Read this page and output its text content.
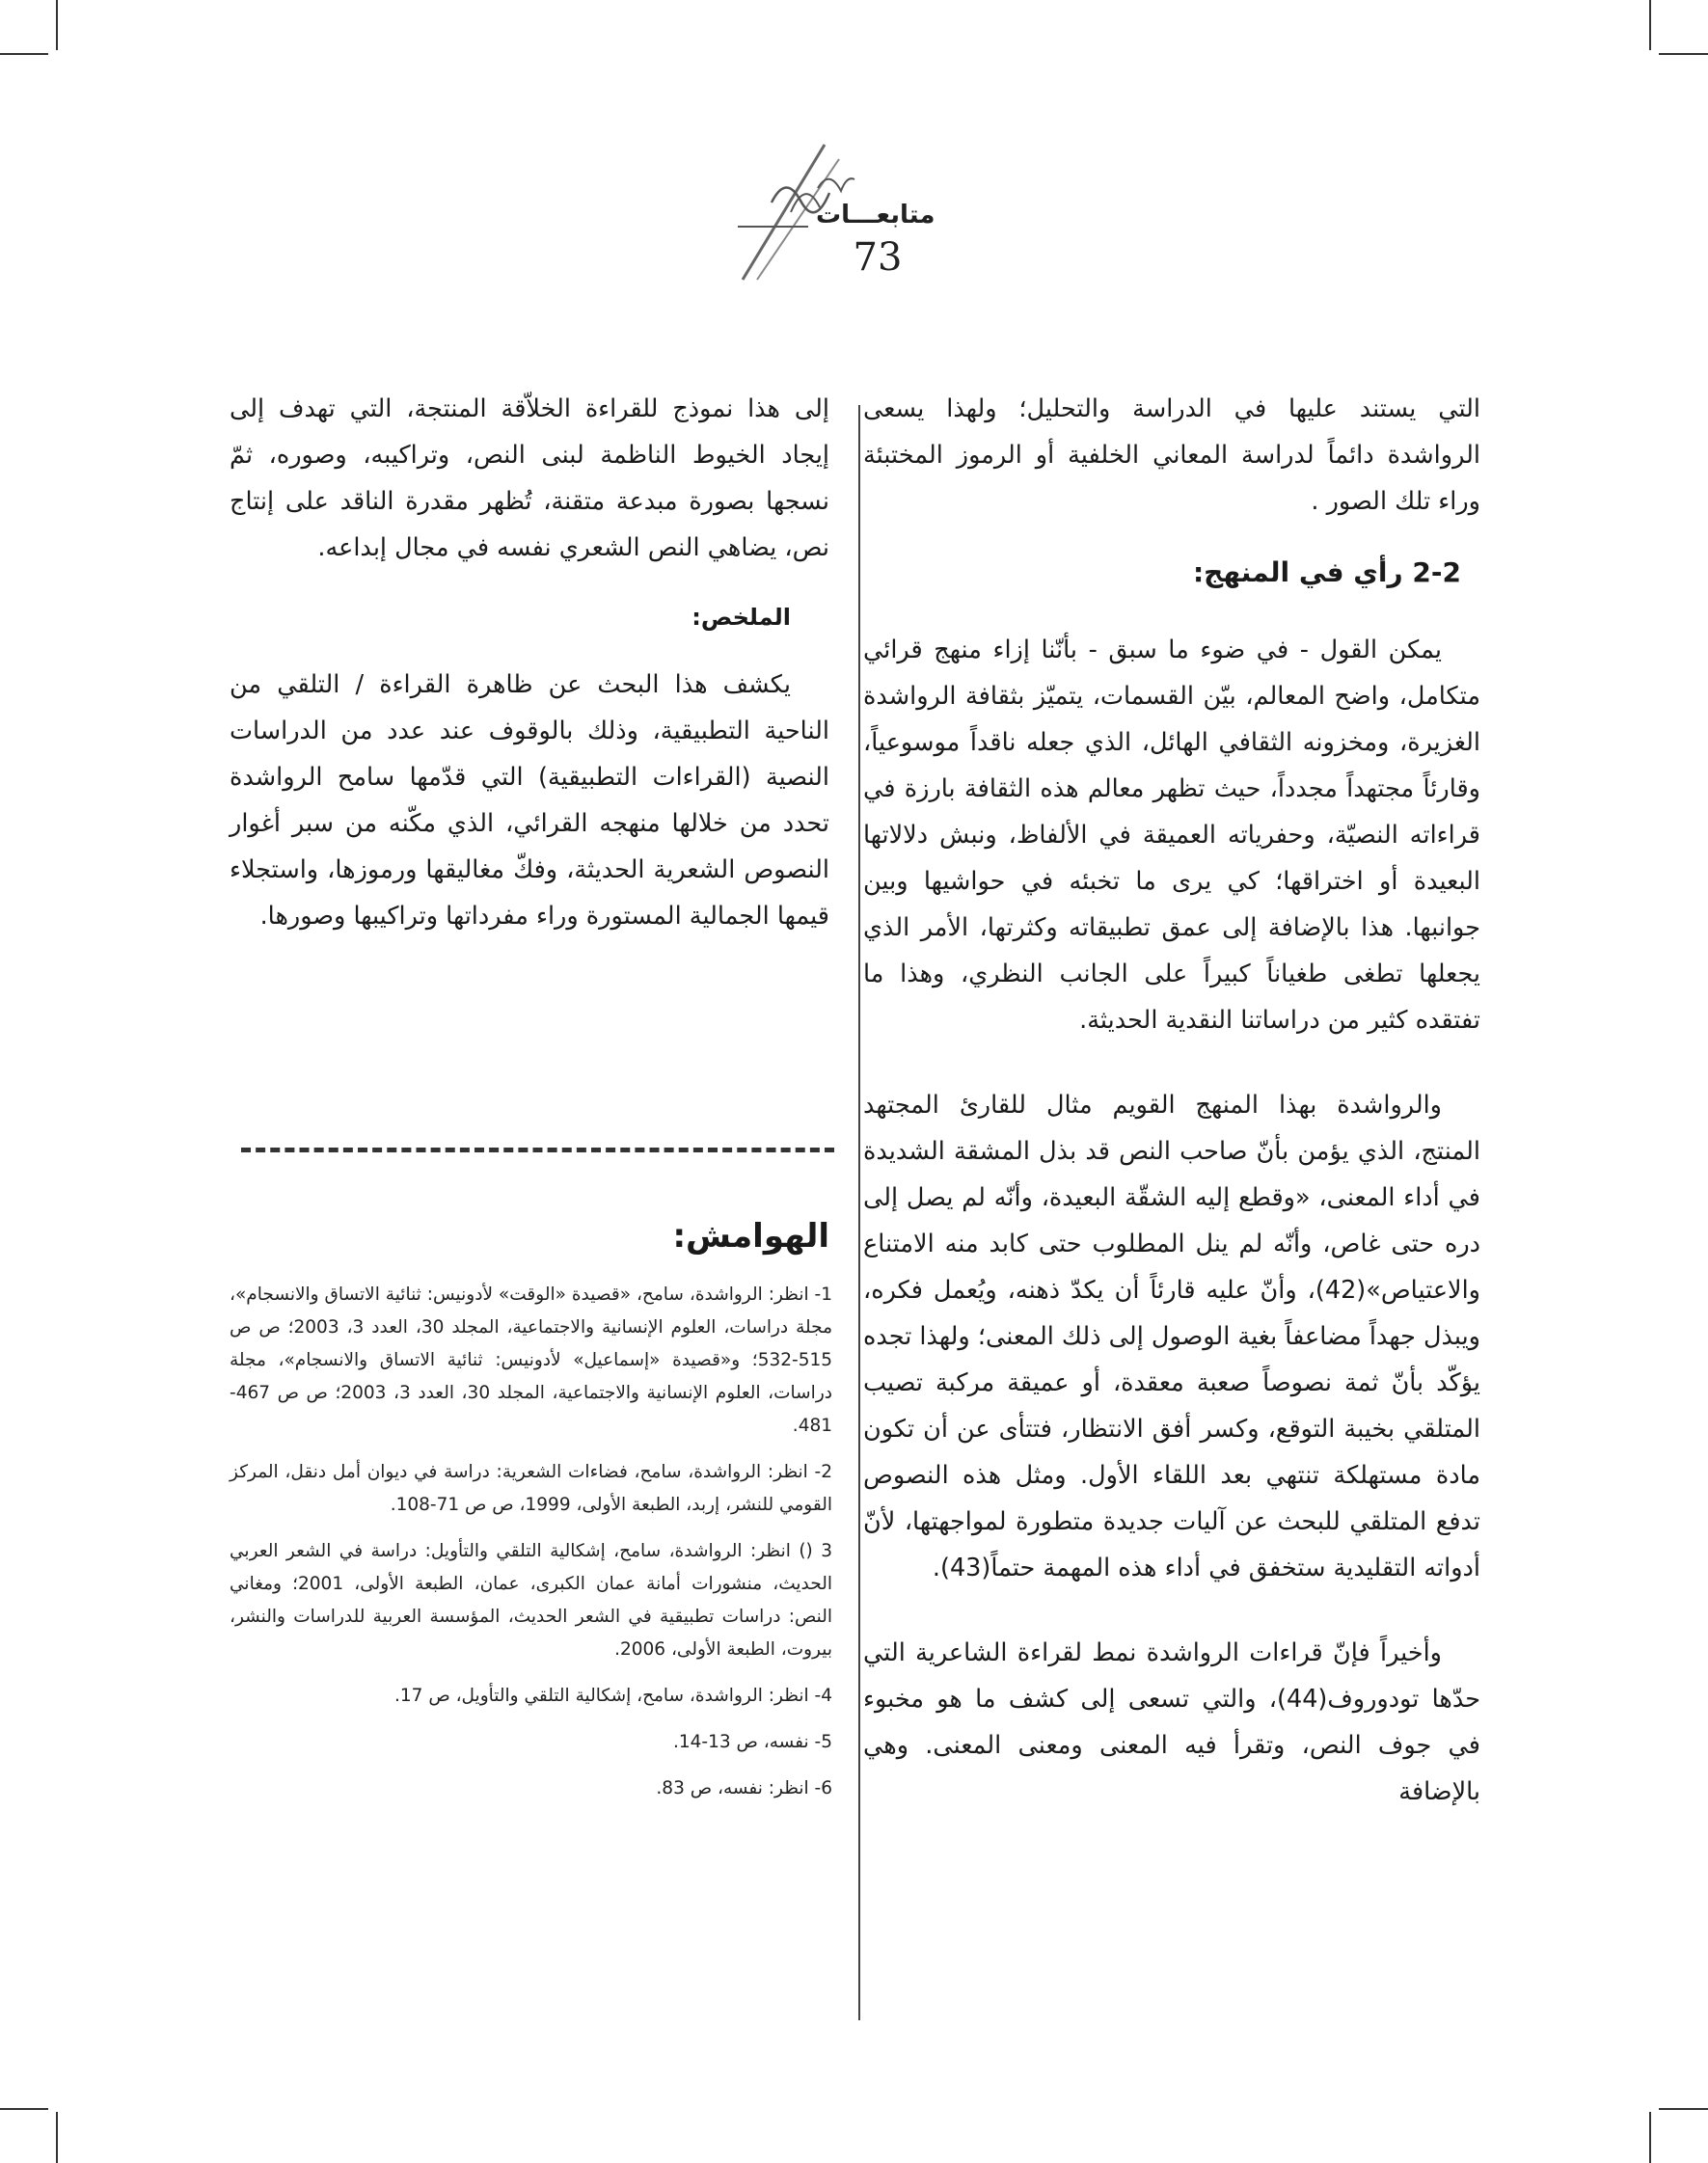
متابعـــات
73

التي يستند عليها في الدراسة والتحليل؛ ولهذا يسعى الرواشدة دائماً لدراسة المعاني الخلفية أو الرموز المختبئة وراء تلك الصور .

2-2 رأي في المنهج:

يمكن القول - في ضوء ما سبق - بأنّنا إزاء منهج قرائي متكامل، واضح المعالم، بيّن القسمات، يتميّز بثقافة الرواشدة الغزيرة، ومخزونه الثقافي الهائل، الذي جعله ناقداً موسوعياً، وقارئاً مجتهداً مجدداً، حيث تظهر معالم هذه الثقافة بارزة في قراءاته النصيّة، وحفرياته العميقة في الألفاظ، ونبش دلالاتها البعيدة أو اختراقها؛ كي يرى ما تخبئه في حواشيها وبين جوانبها. هذا بالإضافة إلى عمق تطبيقاته وكثرتها، الأمر الذي يجعلها تطغى طغياناً كبيراً على الجانب النظري، وهذا ما تفتقده كثير من دراساتنا النقدية الحديثة.

والرواشدة بهذا المنهج القويم مثال للقارئ المجتهد المنتج، الذي يؤمن بأنّ صاحب النص قد بذل المشقة الشديدة في أداء المعنى، «وقطع إليه الشقّة البعيدة، وأنّه لم يصل إلى دره حتى غاص، وأنّه لم ينل المطلوب حتى كابد منه الامتناع والاعتياص»(42)، وأنّ عليه قارئاً أن يكدّ ذهنه، ويُعمل فكره، ويبذل جهداً مضاعفاً بغية الوصول إلى ذلك المعنى؛ ولهذا تجده يؤكّد بأنّ ثمة نصوصاً صعبة معقدة، أو عميقة مركبة تصيب المتلقي بخيبة التوقع، وكسر أفق الانتظار، فتتأى عن أن تكون مادة مستهلكة تنتهي بعد اللقاء الأول. ومثل هذه النصوص تدفع المتلقي للبحث عن آليات جديدة متطورة لمواجهتها، لأنّ أدواته التقليدية ستخفق في أداء هذه المهمة حتماً(43).

وأخيراً فإنّ قراءات الرواشدة نمط لقراءة الشاعرية التي حدّها تودوروف(44)، والتي تسعى إلى كشف ما هو مخبوء في جوف النص، وتقرأ فيه المعنى ومعنى المعنى. وهي بالإضافة

إلى هذا نموذج للقراءة الخلاّقة المنتجة، التي تهدف إلى إيجاد الخيوط الناظمة لبنى النص، وتراكيبه، وصوره، ثمّ نسجها بصورة مبدعة متقنة، تُظهر مقدرة الناقد على إنتاج نص، يضاهي النص الشعري نفسه في مجال إبداعه.

الملخص:

يكشف هذا البحث عن ظاهرة القراءة / التلقي من الناحية التطبيقية، وذلك بالوقوف عند عدد من الدراسات النصية (القراءات التطبيقية) التي قدّمها سامح الرواشدة تحدد من خلالها منهجه القرائي، الذي مكّنه من سبر أغوار النصوص الشعرية الحديثة، وفكّ مغاليقها ورموزها، واستجلاء قيمها الجمالية المستورة وراء مفرداتها وتراكيبها وصورها.

الهوامش:

1- انظر: الرواشدة، سامح، «قصيدة «الوقت» لأدونيس: ثنائية الاتساق والانسجام»، مجلة دراسات، العلوم الإنسانية والاجتماعية، المجلد 30، العدد 3، 2003؛ ص ص 515-532؛ و«قصيدة «إسماعيل» لأدونيس: ثنائية الاتساق والانسجام»، مجلة دراسات، العلوم الإنسانية والاجتماعية، المجلد 30، العدد 3، 2003؛ ص ص 467-481.

2- انظر: الرواشدة، سامح، فضاءات الشعرية: دراسة في ديوان أمل دنقل، المركز القومي للنشر، إربد، الطبعة الأولى، 1999، ص ص 71-108.

3 () انظر: الرواشدة، سامح، إشكالية التلقي والتأويل: دراسة في الشعر العربي الحديث، منشورات أمانة عمان الكبرى، عمان، الطبعة الأولى، 2001؛ ومغاني النص: دراسات تطبيقية في الشعر الحديث، المؤسسة العربية للدراسات والنشر، بيروت، الطبعة الأولى، 2006.

4- انظر: الرواشدة، سامح، إشكالية التلقي والتأويل، ص 17.

5- نفسه، ص 13-14.

6- انظر: نفسه، ص 83.
